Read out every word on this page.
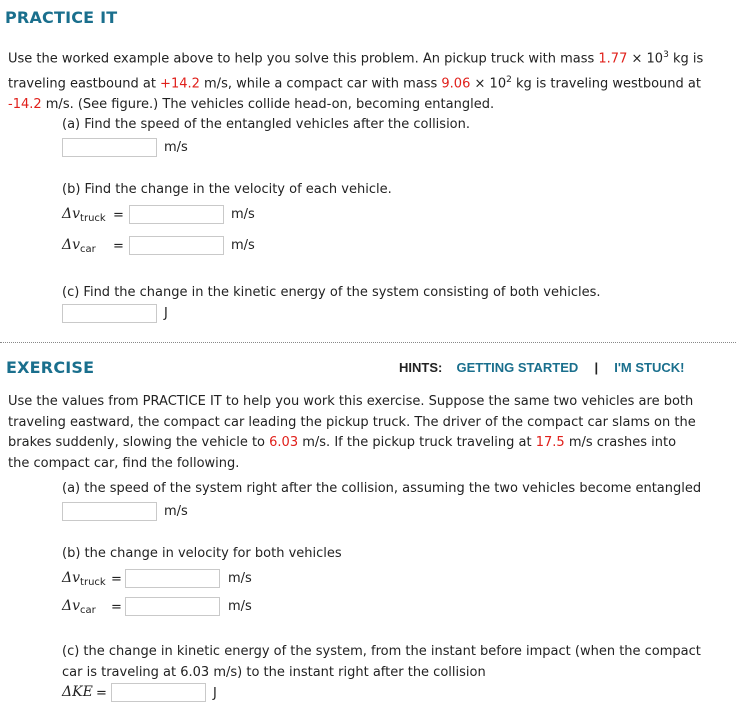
PRACTICE IT
Use the worked example above to help you solve this problem. An pickup truck with mass $1.77 \times 10^3$ kg is
traveling eastbound at +14.2 m/s, while a compact car with mass $9.06 \times 10^2$ kg is traveling westbound at
-14.2 m/s. (See figure.) The vehicles collide head-on, becoming entangled.
(a) Find the speed of the entangled vehicles after the collision.
m/s
(b) Find the change in the velocity of each vehicle.
$\Delta v_{truck}$ =	m/s
$\Delta v_{car}$ =	m/s
(c) Find the change in the kinetic energy of the system consisting of both vehicles.
J
EXERCISE	HINTS: GETTING STARTED | I'M STUCK!
Use the values from PRACTICE IT to help you work this exercise. Suppose the same two vehicles are both
traveling eastward, the compact car leading the pickup truck. The driver of the compact car slams on the
brakes suddenly, slowing the vehicle to 6.03 m/s. If the pickup truck traveling at 17.5 m/s crashes into
the compact car, find the following.
(a) the speed of the system right after the collision, assuming the two vehicles become entangled
m/s
(b) the change in velocity for both vehicles
$\Delta v_{truck}$ =	m/s
$\Delta v_{car}$ =	m/s
(c) the change in kinetic energy of the system, from the instant before impact (when the compact
car is traveling at 6.03 m/s) to the instant right after the collision
ΔKE =	J
